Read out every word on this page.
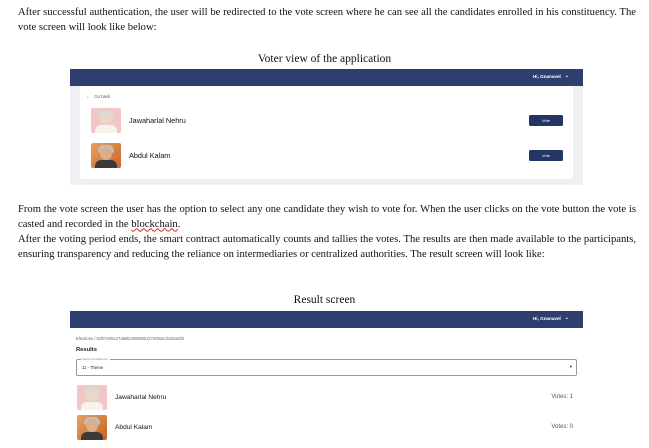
After successful authentication, the user will be redirected to the vote screen where he can see all the candidates enrolled in his constituency. The vote screen will look like below:
Voter view of the application
Hi, Gnanavel ⌄
← Go back
Jawaharlal Nehru	Vote
Abdul Kalam	Vote
From the vote screen the user has the option to select any one candidate they wish to vote for. When the user clicks on the vote button the vote is casted and recorded in the blockchain.
After the voting period ends, the smart contract automatically counts and tallies the votes. The results are then made available to the participants, ensuring transparency and reducing the reliance on intermediaries or centralized authorities. The result screen will look like:
Result screen
Hi, Gnanavel ⌄
Elections / 0xf07e05c27a69bc065085127e052ecb182a5f0
Results
Select Constituency
11 - Theme	▾
Jawaharlal Nehru	Votes: 1
Abdul Kalam	Votes: 0
